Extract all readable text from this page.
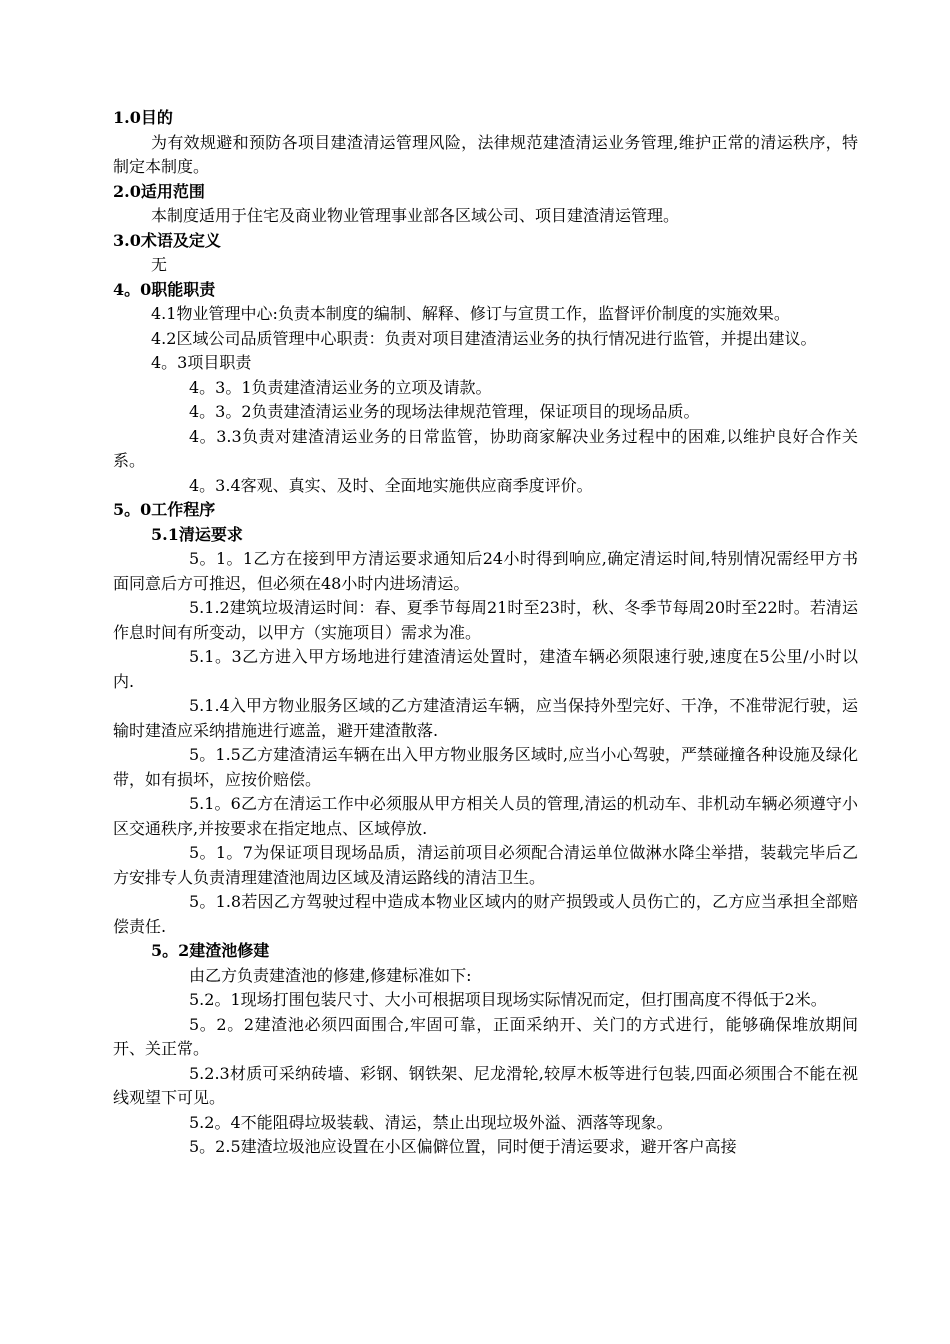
1.0目的
为有效规避和预防各项目建渣清运管理风险，法律规范建渣清运业务管理,维护正常的清运秩序，特制定本制度。
2.0适用范围
本制度适用于住宅及商业物业管理事业部各区域公司、项目建渣清运管理。
3.0术语及定义
无
4。0职能职责
4.1物业管理中心:负责本制度的编制、解释、修订与宣贯工作，监督评价制度的实施效果。
4.2区域公司品质管理中心职责：负责对项目建渣清运业务的执行情况进行监管，并提出建议。
4。3项目职责
4。3。1负责建渣清运业务的立项及请款。
4。3。2负责建渣清运业务的现场法律规范管理，保证项目的现场品质。
4。3.3负责对建渣清运业务的日常监管，协助商家解决业务过程中的困难,以维护良好合作关系。
4。3.4客观、真实、及时、全面地实施供应商季度评价。
5。0工作程序
5.1清运要求
5。1。1乙方在接到甲方清运要求通知后24小时得到响应,确定清运时间,特别情况需经甲方书面同意后方可推迟，但必须在48小时内进场清运。
5.1.2建筑垃圾清运时间：春、夏季节每周21时至23时，秋、冬季节每周20时至22时。若清运作息时间有所变动，以甲方（实施项目）需求为准。
5.1。3乙方进入甲方场地进行建渣清运处置时，建渣车辆必须限速行驶,速度在5公里/小时以内.
5.1.4入甲方物业服务区域的乙方建渣清运车辆，应当保持外型完好、干净，不准带泥行驶，运输时建渣应采纳措施进行遮盖，避开建渣散落.
5。1.5乙方建渣清运车辆在出入甲方物业服务区域时,应当小心驾驶，严禁碰撞各种设施及绿化带，如有损坏，应按价赔偿。
5.1。6乙方在清运工作中必须服从甲方相关人员的管理,清运的机动车、非机动车辆必须遵守小区交通秩序,并按要求在指定地点、区域停放.
5。1。7为保证项目现场品质，清运前项目必须配合清运单位做淋水降尘举措，装载完毕后乙方安排专人负责清理建渣池周边区域及清运路线的清洁卫生。
5。1.8若因乙方驾驶过程中造成本物业区域内的财产损毁或人员伤亡的，乙方应当承担全部赔偿责任.
5。2建渣池修建
由乙方负责建渣池的修建,修建标准如下:
5.2。1现场打围包装尺寸、大小可根据项目现场实际情况而定，但打围高度不得低于2米。
5。2。2建渣池必须四面围合,牢固可靠，正面采纳开、关门的方式进行，能够确保堆放期间开、关正常。
5.2.3材质可采纳砖墙、彩钢、钢铁架、尼龙滑轮,较厚木板等进行包装,四面必须围合不能在视线观望下可见。
5.2。4不能阻碍垃圾装载、清运，禁止出现垃圾外溢、洒落等现象。
5。2.5建渣垃圾池应设置在小区偏僻位置，同时便于清运要求，避开客户高接
